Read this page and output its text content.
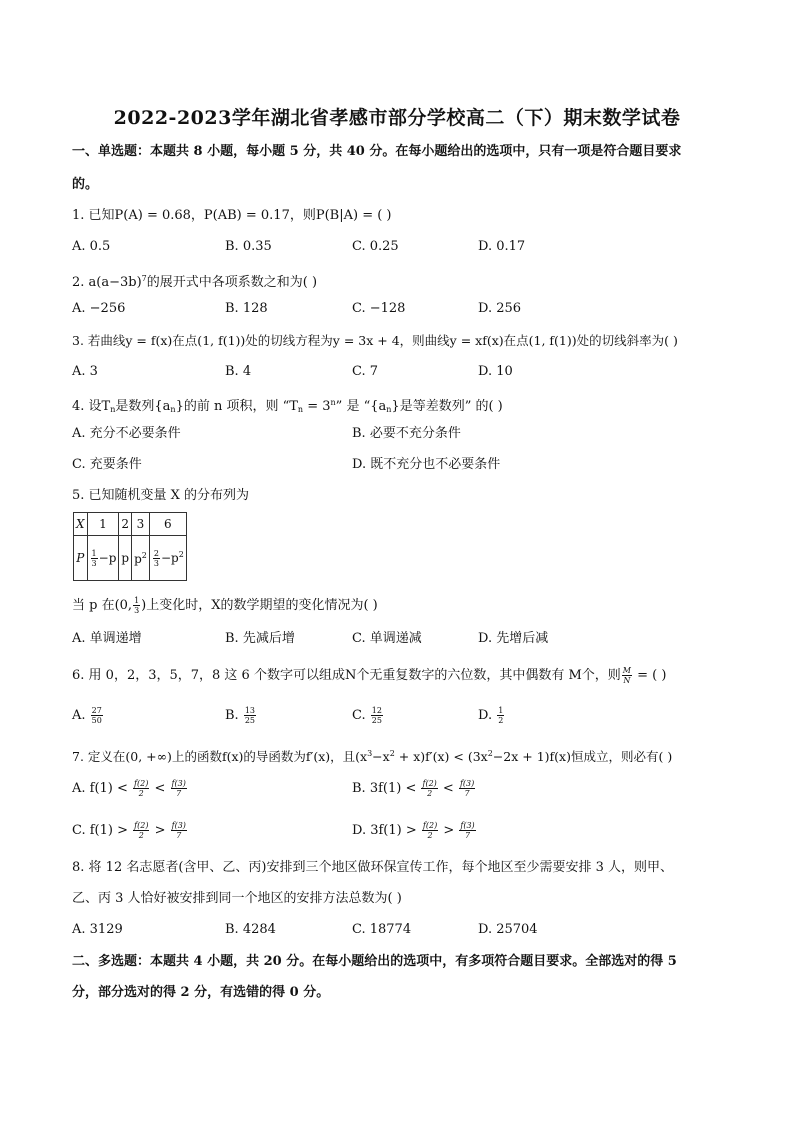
2022-2023学年湖北省孝感市部分学校高二（下）期末数学试卷
一、单选题：本题共 8 小题，每小题 5 分，共 40 分。在每小题给出的选项中，只有一项是符合题目要求
的。
1. 已知P(A) = 0.68，P(AB) = 0.17，则P(B|A) = ( )
A. 0.5	B. 0.35	C. 0.25	D. 0.17
2. $a(a-3b)^7$的展开式中各项系数之和为( )
A. −256	B. 128	C. −128	D. 256
3. 若曲线y = f(x)在点(1, f(1))处的切线方程为y = 3x + 4，则曲线y = xf(x)在点(1, f(1))处的切线斜率为( )
A. 3	B. 4	C. 7	D. 10
4. 设$T_n$是数列$\{a_n\}$的前 n 项积，则 “$T_n = 3^n$” 是 “$\{a_n\}$是等差数列” 的( )
A. 充分不必要条件	B. 必要不充分条件
C. 充要条件	D. 既不充分也不必要条件
5. 已知随机变量 X 的分布列为
X	1	2	3	6
P	$\frac{1}{3} -p$	p	$p^2$	$\frac{2}{3} -p^2$
当 p 在(0, $\frac{1}{3}$ )上变化时，X的数学期望的变化情况为( )
A. 单调递增	B. 先减后增	C. 单调递减	D. 先增后减
6. 用 0，2，3，5，7，8 这 6 个数字可以组成N个无重复数字的六位数，其中偶数有 M个，则 $\frac{M}{N}$ = ( )
A. $\frac{27}{50}$	B. $\frac{13}{25}$	C. $\frac{12}{25}$	D. $\frac{1}{2}$
7. 定义在(0, +∞)上的函数f(x)的导函数为f′(x)，且$(x^3-x^2 + x)f'(x) < (3x^2-2x + 1)f(x)$恒成立，则必有( )
A. $f(1) < \frac{f(2)}{2} < \frac{f(3)}{7}$	B. $3f(1) < \frac{f(2)}{2} < \frac{f(3)}{7}$
C. $f(1) > \frac{f(2)}{2} > \frac{f(3)}{7}$	D. $3f(1) > \frac{f(2)}{2} > \frac{f(3)}{7}$
8. 将 12 名志愿者(含甲、乙、丙)安排到三个地区做环保宣传工作，每个地区至少需要安排 3 人，则甲、
乙、丙 3 人恰好被安排到同一个地区的安排方法总数为( )
A. 3129	B. 4284	C. 18774	D. 25704
二、多选题：本题共 4 小题，共 20 分。在每小题给出的选项中，有多项符合题目要求。全部选对的得 5
分，部分选对的得 2 分，有选错的得 0 分。
